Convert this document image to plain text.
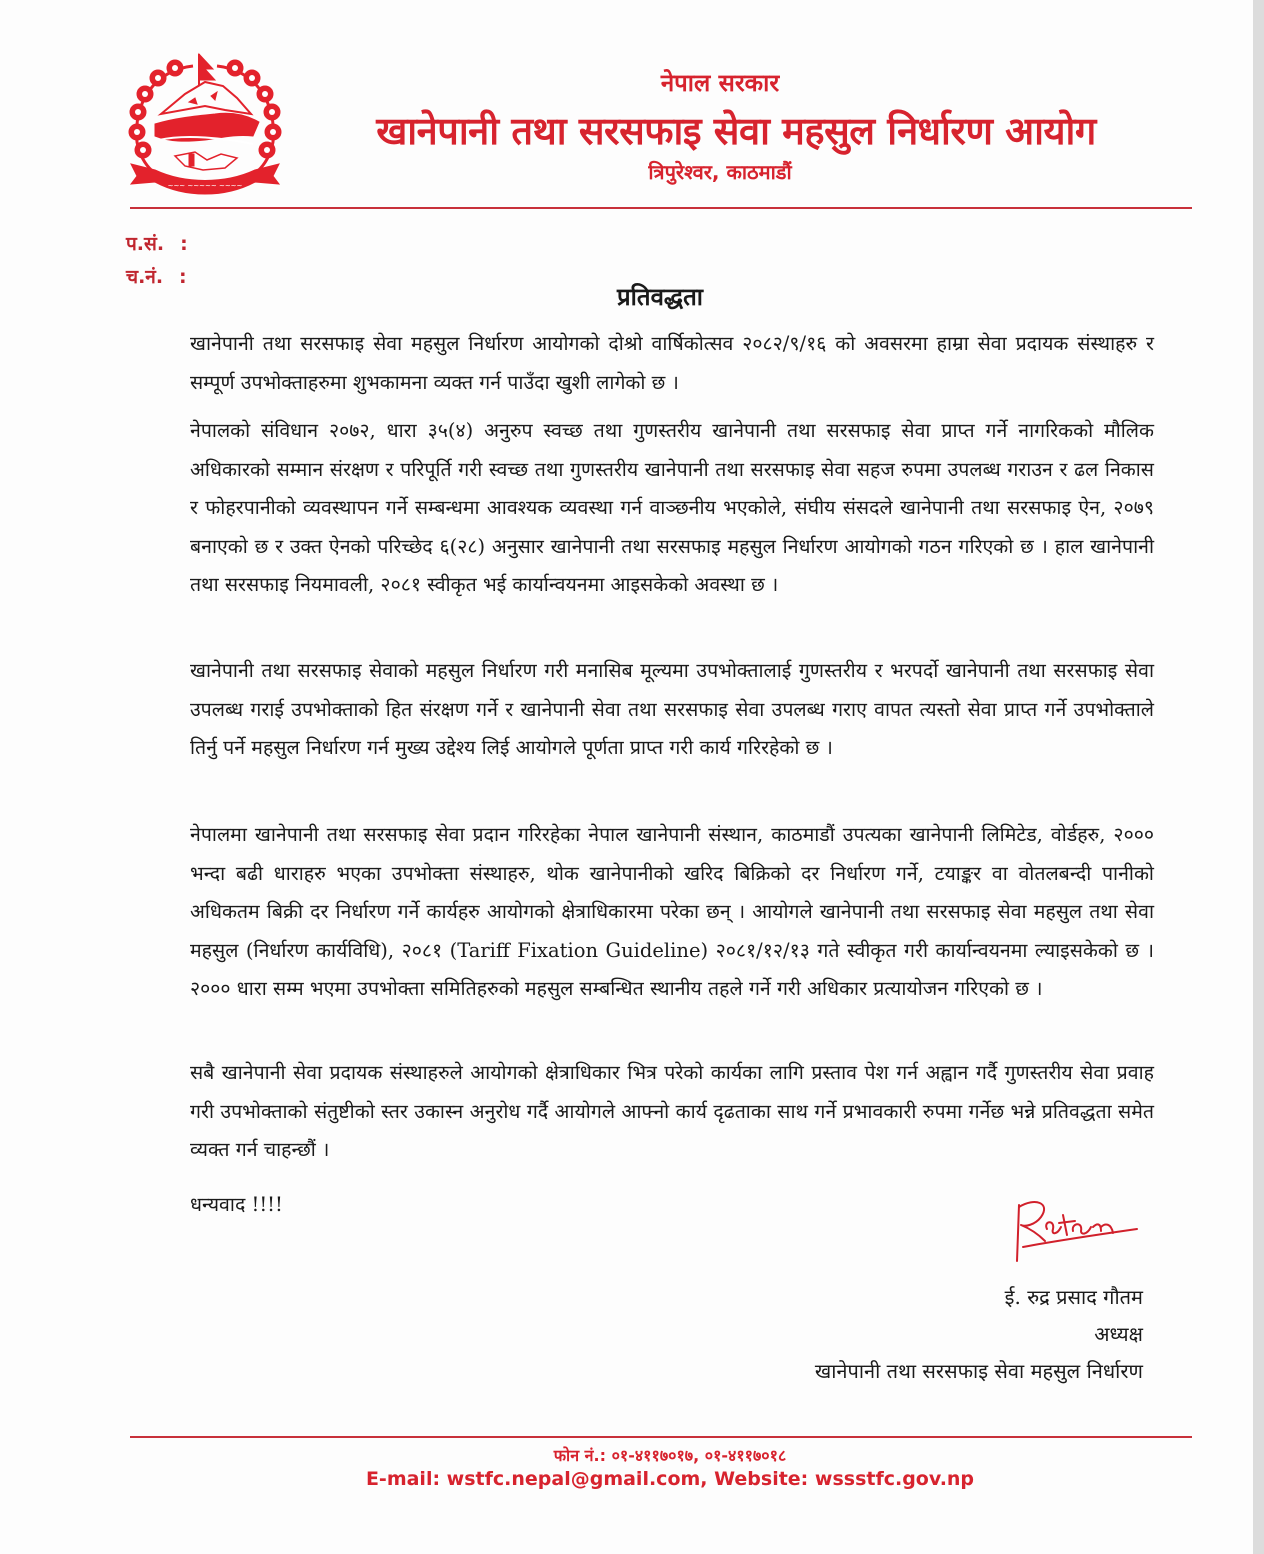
~~~ ~~~~~ ~~~~
नेपाल सरकार
खानेपानी तथा सरसफाइ सेवा महसुल निर्धारण आयोग
त्रिपुरेश्वर, काठमाडौं
प.सं. :
च.नं. :
प्रतिवद्धता

खानेपानी तथा सरसफाइ सेवा महसुल निर्धारण आयोगको दोश्रो वार्षिकोत्सव २०८२/९/१६ को अवसरमा हाम्रा सेवा प्रदायक संस्थाहरु र सम्पूर्ण उपभोक्ताहरुमा शुभकामना व्यक्त गर्न पाउँदा खुशी लागेको छ ।

नेपालको संविधान २०७२, धारा ३५(४) अनुरुप स्वच्छ तथा गुणस्तरीय खानेपानी तथा सरसफाइ सेवा प्राप्त गर्ने नागरिकको मौलिक अधिकारको सम्मान संरक्षण र परिपूर्ति गरी स्वच्छ तथा गुणस्तरीय खानेपानी तथा सरसफाइ सेवा सहज रुपमा उपलब्ध गराउन र ढल निकास र फोहरपानीको व्यवस्थापन गर्ने सम्बन्धमा आवश्यक व्यवस्था गर्न वाञ्छनीय भएकोले, संघीय संसदले खानेपानी तथा सरसफाइ ऐन, २०७९ बनाएको छ र उक्त ऐनको परिच्छेद ६(२८) अनुसार खानेपानी तथा सरसफाइ महसुल निर्धारण आयोगको गठन गरिएको छ । हाल खानेपानी तथा सरसफाइ नियमावली, २०८१ स्वीकृत भई कार्यान्वयनमा आइसकेको अवस्था छ ।

खानेपानी तथा सरसफाइ सेवाको महसुल निर्धारण गरी मनासिब मूल्यमा उपभोक्तालाई गुणस्तरीय र भरपर्दो खानेपानी तथा सरसफाइ सेवा उपलब्ध गराई उपभोक्ताको हित संरक्षण गर्ने र खानेपानी सेवा तथा सरसफाइ सेवा उपलब्ध गराए वापत त्यस्तो सेवा प्राप्त गर्ने उपभोक्ताले तिर्नु पर्ने महसुल निर्धारण गर्न मुख्य उद्देश्य लिई आयोगले पूर्णता प्राप्त गरी कार्य गरिरहेको छ ।

नेपालमा खानेपानी तथा सरसफाइ सेवा प्रदान गरिरहेका नेपाल खानेपानी संस्थान, काठमाडौं उपत्यका खानेपानी लिमिटेड, वोर्डहरु, २००० भन्दा बढी धाराहरु भएका उपभोक्ता संस्थाहरु, थोक खानेपानीको खरिद बिक्रिको दर निर्धारण गर्ने, टयाङ्कर वा वोतलबन्दी पानीको अधिकतम बिक्री दर निर्धारण गर्ने कार्यहरु आयोगको क्षेत्राधिकारमा परेका छन् । आयोगले खानेपानी तथा सरसफाइ सेवा महसुल तथा सेवा महसुल (निर्धारण कार्यविधि), २०८१ (Tariff Fixation Guideline) २०८१/१२/१३ गते स्वीकृत गरी कार्यान्वयनमा ल्याइसकेको छ । २००० धारा सम्म भएमा उपभोक्ता समितिहरुको महसुल सम्बन्धित स्थानीय तहले गर्ने गरी अधिकार प्रत्यायोजन गरिएको छ ।

सबै खानेपानी सेवा प्रदायक संस्थाहरुले आयोगको क्षेत्राधिकार भित्र परेको कार्यका लागि प्रस्ताव पेश गर्न अह्वान गर्दै गुणस्तरीय सेवा प्रवाह गरी उपभोक्ताको संतुष्टीको स्तर उकास्न अनुरोध गर्दै आयोगले आफ्नो कार्य दृढताका साथ गर्ने प्रभावकारी रुपमा गर्नेछ भन्ने प्रतिवद्धता समेत व्यक्त गर्न चाहन्छौं ।

धन्यवाद !!!!
ई. रुद्र प्रसाद गौतम
अध्यक्ष
खानेपानी तथा सरसफाइ सेवा महसुल निर्धारण
फोन नं.: ०१-४११७०१७, ०१-४११७०१८
E-mail: wstfc.nepal@gmail.com, Website: wssstfc.gov.np
